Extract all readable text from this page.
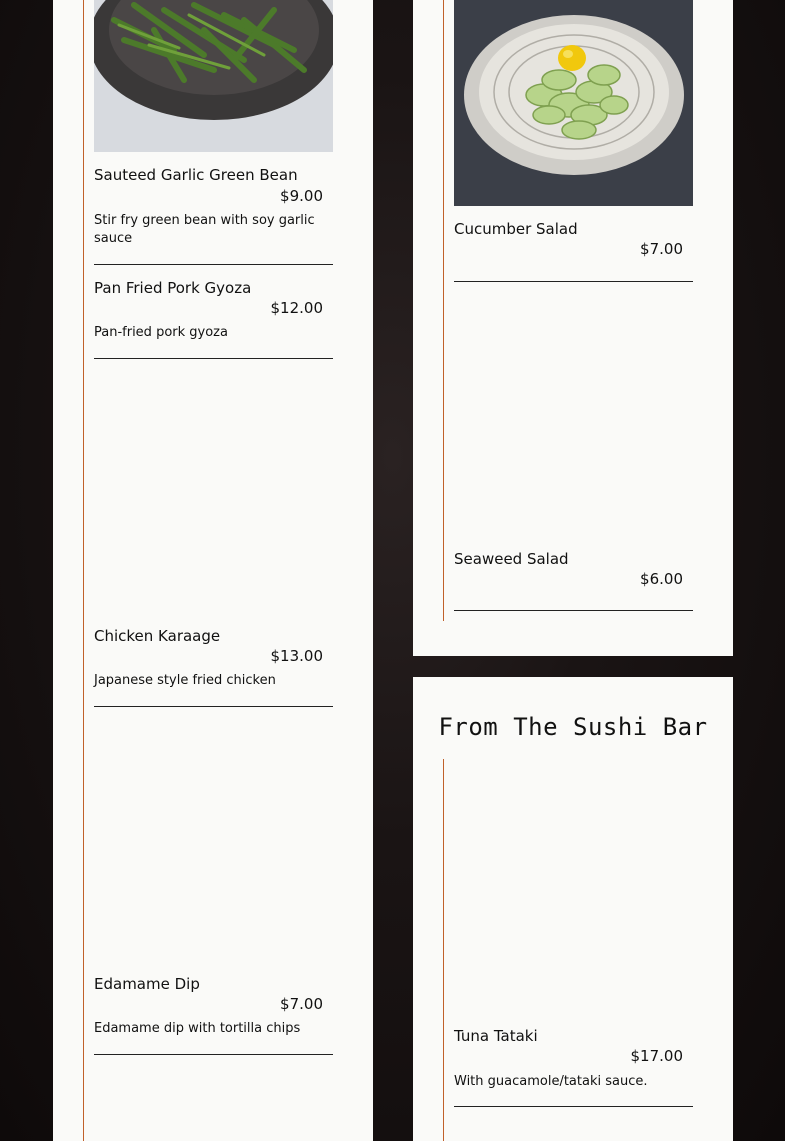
Sauteed Garlic Green Bean
$9.00
Stir fry green bean with soy garlic sauce
Pan Fried Pork Gyoza
$12.00
Pan-fried pork gyoza
Chicken Karaage
$13.00
Japanese style fried chicken
Edamame Dip
$7.00
Edamame dip with tortilla chips
Cucumber Salad
$7.00
Seaweed Salad
$6.00
From The Sushi Bar
Tuna Tataki
$17.00
With guacamole/tataki sauce.
